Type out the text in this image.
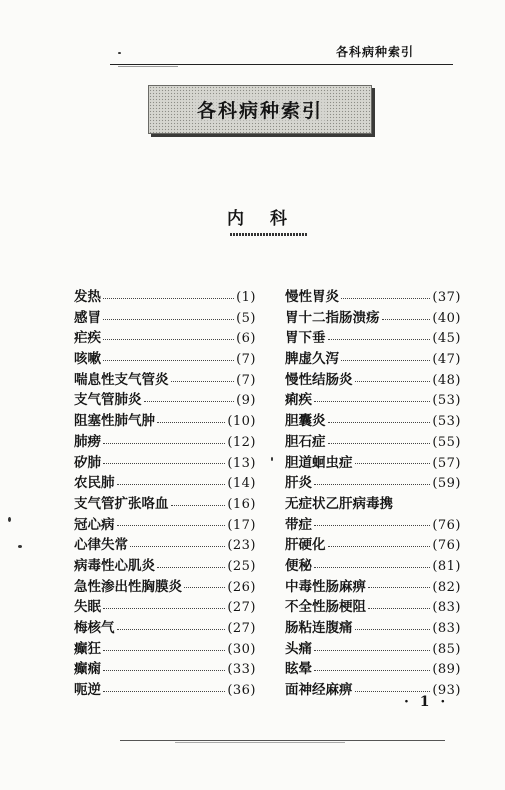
各科病种索引
各科病种索引
内 科
发热	(1)
感冒	(5)
疟疾	(6)
咳嗽	(7)
喘息性支气管炎	(7)
支气管肺炎	(9)
阻塞性肺气肿	(10)
肺痨	(12)
矽肺	(13)
农民肺	(14)
支气管扩张咯血	(16)
冠心病	(17)
心律失常	(23)
病毒性心肌炎	(25)
急性渗出性胸膜炎	(26)
失眠	(27)
梅核气	(27)
癫狂	(30)
癫痫	(33)
呃逆	(36)
慢性胃炎	(37)
胃十二指肠溃疡	(40)
胃下垂	(45)
脾虚久泻	(47)
慢性结肠炎	(48)
痢疾	(53)
胆囊炎	(53)
胆石症	(55)
胆道蛔虫症	(57)
肝炎	(59)
无症状乙肝病毒携
带症	(76)
肝硬化	(76)
便秘	(81)
中毒性肠麻痹	(82)
不全性肠梗阻	(83)
肠粘连腹痛	(83)
头痛	(85)
眩晕	(89)
面神经麻痹	(93)
· 1 ·
